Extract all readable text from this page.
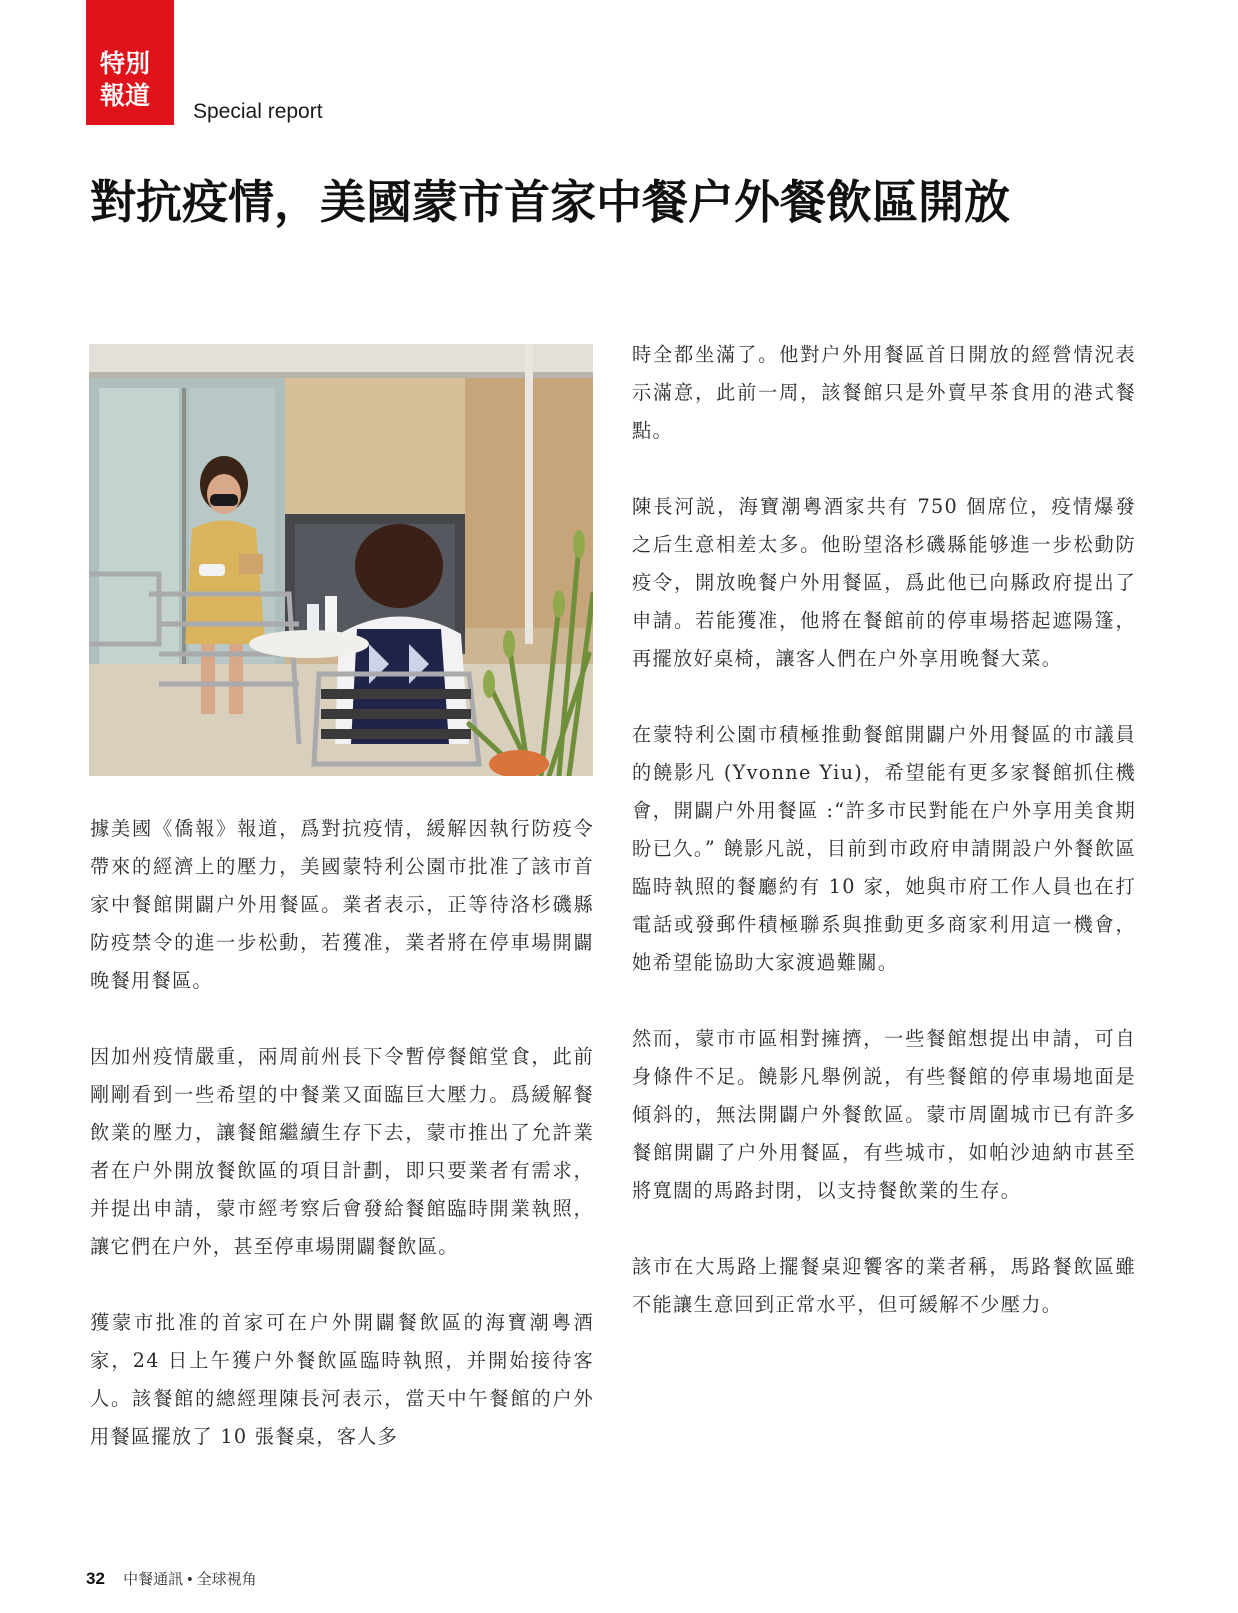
特別
報道
Special report
對抗疫情，美國蒙市首家中餐户外餐飲區開放

據美國《僑報》報道，爲對抗疫情，緩解因執行防疫令帶來的經濟上的壓力，美國蒙特利公園市批准了該市首家中餐館開闢户外用餐區。業者表示，正等待洛杉磯縣防疫禁令的進一步松動，若獲准，業者將在停車場開闢晚餐用餐區。

因加州疫情嚴重，兩周前州長下令暫停餐館堂食，此前剛剛看到一些希望的中餐業又面臨巨大壓力。爲緩解餐飲業的壓力，讓餐館繼續生存下去，蒙市推出了允許業者在户外開放餐飲區的項目計劃，即只要業者有需求，并提出申請，蒙市經考察后會發給餐館臨時開業執照，讓它們在户外，甚至停車場開闢餐飲區。

獲蒙市批准的首家可在户外開闢餐飲區的海寶潮粵酒家，24 日上午獲户外餐飲區臨時執照，并開始接待客人。該餐館的總經理陳長河表示，當天中午餐館的户外用餐區擺放了 10 張餐桌，客人多

時全都坐滿了。他對户外用餐區首日開放的經營情況表示滿意，此前一周，該餐館只是外賣早茶食用的港式餐點。

陳長河説，海寶潮粵酒家共有 750 個席位，疫情爆發之后生意相差太多。他盼望洛杉磯縣能够進一步松動防疫令，開放晚餐户外用餐區，爲此他已向縣政府提出了申請。若能獲准，他將在餐館前的停車場搭起遮陽篷，再擺放好桌椅，讓客人們在户外享用晚餐大菜。

在蒙特利公園市積極推動餐館開闢户外用餐區的市議員的饒影凡 (Yvonne Yiu)，希望能有更多家餐館抓住機會，開闢户外用餐區 :“許多市民對能在户外享用美食期盼已久。” 饒影凡説，目前到市政府申請開設户外餐飲區臨時執照的餐廳約有 10 家，她與市府工作人員也在打電話或發郵件積極聯系與推動更多商家利用這一機會，她希望能協助大家渡過難關。

然而，蒙市市區相對擁擠，一些餐館想提出申請，可自身條件不足。饒影凡舉例説，有些餐館的停車場地面是傾斜的，無法開闢户外餐飲區。蒙市周圍城市已有許多餐館開闢了户外用餐區，有些城市，如帕沙迪納市甚至將寬闊的馬路封閉，以支持餐飲業的生存。

該市在大馬路上擺餐桌迎饗客的業者稱，馬路餐飲區雖不能讓生意回到正常水平，但可緩解不少壓力。

32 中餐通訊 • 全球視角
